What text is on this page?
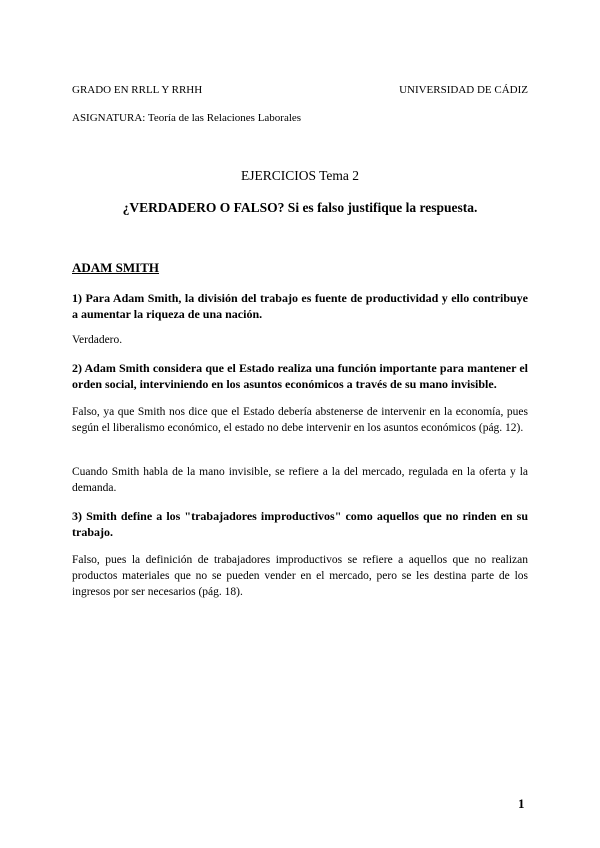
GRADO EN RRLL Y RRHH	UNIVERSIDAD DE CÁDIZ
ASIGNATURA: Teoría de las Relaciones Laborales
EJERCICIOS Tema 2
¿VERDADERO O FALSO? Si es falso justifique la respuesta.
ADAM SMITH
1) Para Adam Smith, la división del trabajo es fuente de productividad y ello contribuye a aumentar la riqueza de una nación.
Verdadero.
2) Adam Smith considera que el Estado realiza una función importante para mantener el orden social, interviniendo en los asuntos económicos a través de su mano invisible.
Falso, ya que Smith nos dice que el Estado debería abstenerse de intervenir en la economía, pues según el liberalismo económico, el estado no debe intervenir en los asuntos económicos (pág. 12).
Cuando Smith habla de la mano invisible, se refiere a la del mercado, regulada en la oferta y la demanda.
3) Smith define a los "trabajadores improductivos" como aquellos que no rinden en su trabajo.
Falso, pues la definición de trabajadores improductivos se refiere a aquellos que no realizan productos materiales que no se pueden vender en el mercado, pero se les destina parte de los ingresos por ser necesarios (pág. 18).
1
